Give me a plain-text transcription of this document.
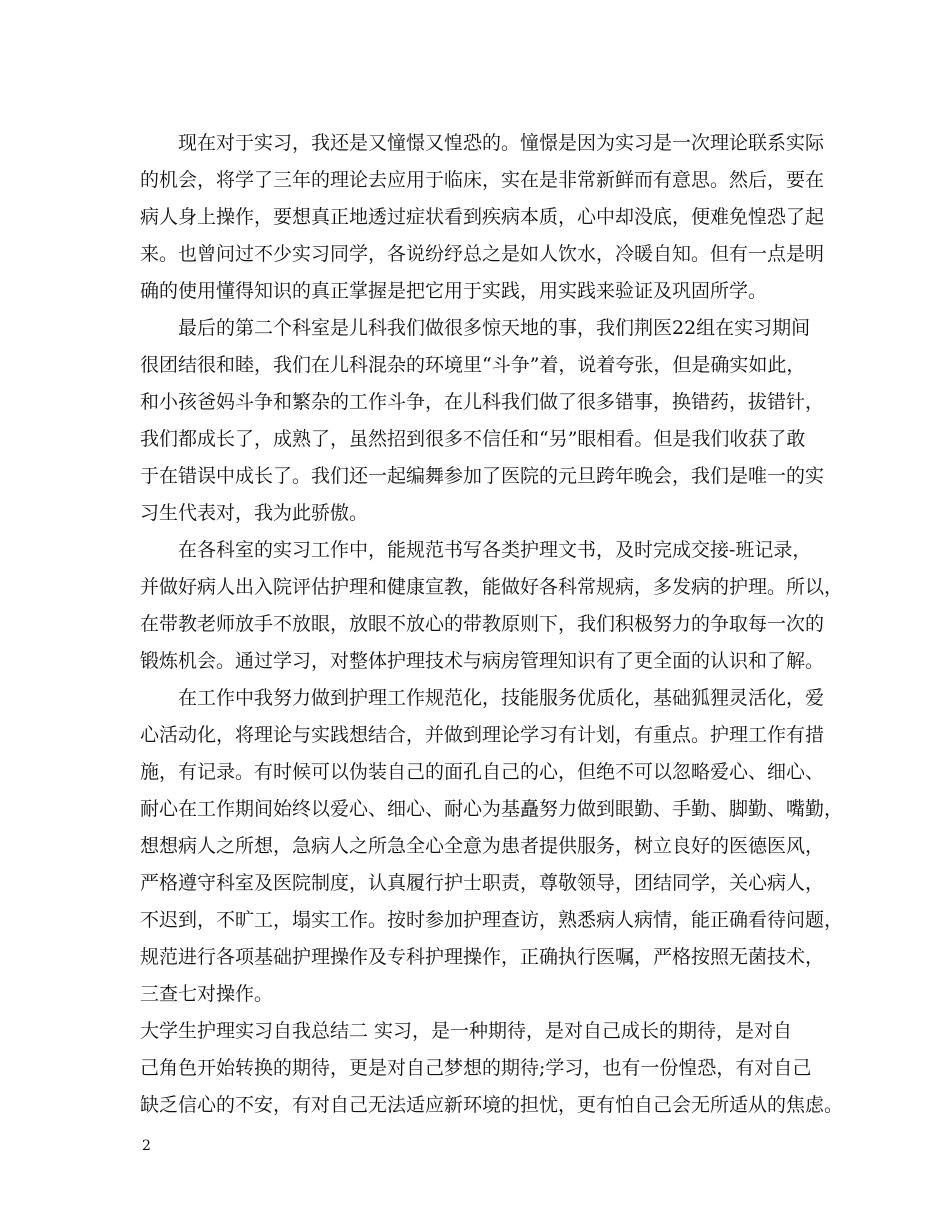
现在对于实习，我还是又憧憬又惶恐的。憧憬是因为实习是一次理论联系实际
的机会，将学了三年的理论去应用于临床，实在是非常新鲜而有意思。然后，要在
病人身上操作，要想真正地透过症状看到疾病本质，心中却没底，便难免惶恐了起
来。也曾问过不少实习同学，各说纷纾总之是如人饮水，冷暖自知。但有一点是明
确的使用懂得知识的真正掌握是把它用于实践，用实践来验证及巩固所学。
最后的第二个科室是儿科我们做很多惊天地的事，我们荆医22组在实习期间
很团结很和睦，我们在儿科混杂的环境里“斗争”着，说着夸张，但是确实如此，
和小孩爸妈斗争和繁杂的工作斗争，在儿科我们做了很多错事，换错药，拔错针，
我们都成长了，成熟了，虽然招到很多不信任和“另”眼相看。但是我们收获了敢
于在错误中成长了。我们还一起编舞参加了医院的元旦跨年晚会，我们是唯一的实
习生代表对，我为此骄傲。
在各科室的实习工作中，能规范书写各类护理文书，及时完成交接-班记录，
并做好病人出入院评估护理和健康宣教，能做好各科常规病，多发病的护理。所以，
在带教老师放手不放眼，放眼不放心的带教原则下，我们积极努力的争取每一次的
锻炼机会。通过学习，对整体护理技术与病房管理知识有了更全面的认识和了解。
在工作中我努力做到护理工作规范化，技能服务优质化，基础狐狸灵活化，爱
心活动化，将理论与实践想结合，并做到理论学习有计划，有重点。护理工作有措
施，有记录。有时候可以伪装自己的面孔自己的心，但绝不可以忽略爱心、细心、
耐心在工作期间始终以爱心、细心、耐心为基矗努力做到眼勤、手勤、脚勤、嘴勤，
想想病人之所想，急病人之所急全心全意为患者提供服务，树立良好的医德医风，
严格遵守科室及医院制度，认真履行护士职责，尊敬领导，团结同学，关心病人，
不迟到，不旷工，塌实工作。按时参加护理查访，熟悉病人病情，能正确看待问题，
规范进行各项基础护理操作及专科护理操作，正确执行医嘱，严格按照无菌技术，
三查七对操作。
大学生护理实习自我总结二 实习，是一种期待，是对自己成长的期待，是对自
己角色开始转换的期待，更是对自己梦想的期待;学习，也有一份惶恐，有对自己
缺乏信心的不安，有对自己无法适应新环境的担忧，更有怕自己会无所适从的焦虑。
2
